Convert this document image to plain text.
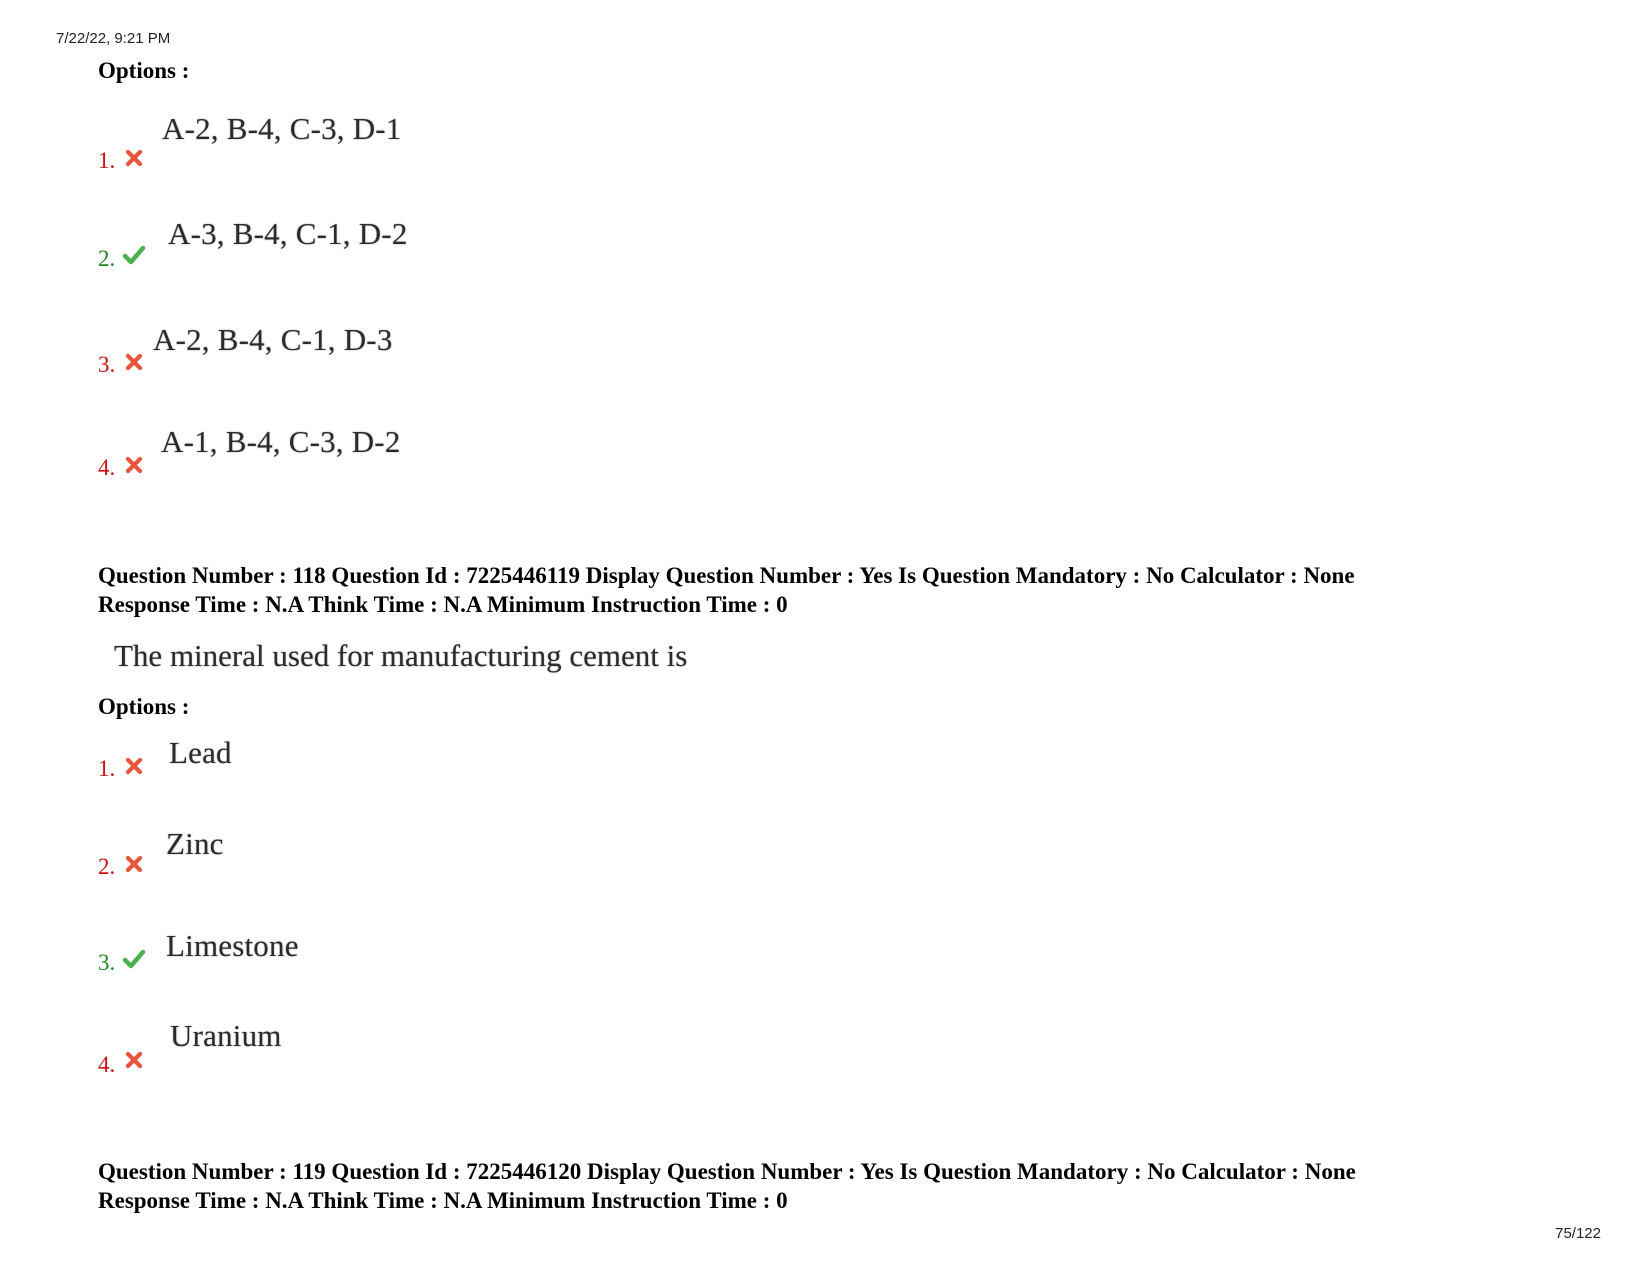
7/22/22, 9:21 PM
75/122
Options :
1.
A-2, B-4, C-3, D-1
2.
A-3, B-4, C-1, D-2
3.
A-2, B-4, C-1, D-3
4.
A-1, B-4, C-3, D-2
Question Number : 118 Question Id : 7225446119 Display Question Number : Yes Is Question Mandatory : No Calculator : None
Response Time : N.A Think Time : N.A Minimum Instruction Time : 0
The mineral used for manufacturing cement is
Options :
1. Lead
2.
Zinc
3. Limestone
4.
Uranium
Question Number : 119 Question Id : 7225446120 Display Question Number : Yes Is Question Mandatory : No Calculator : None
Response Time : N.A Think Time : N.A Minimum Instruction Time : 0
